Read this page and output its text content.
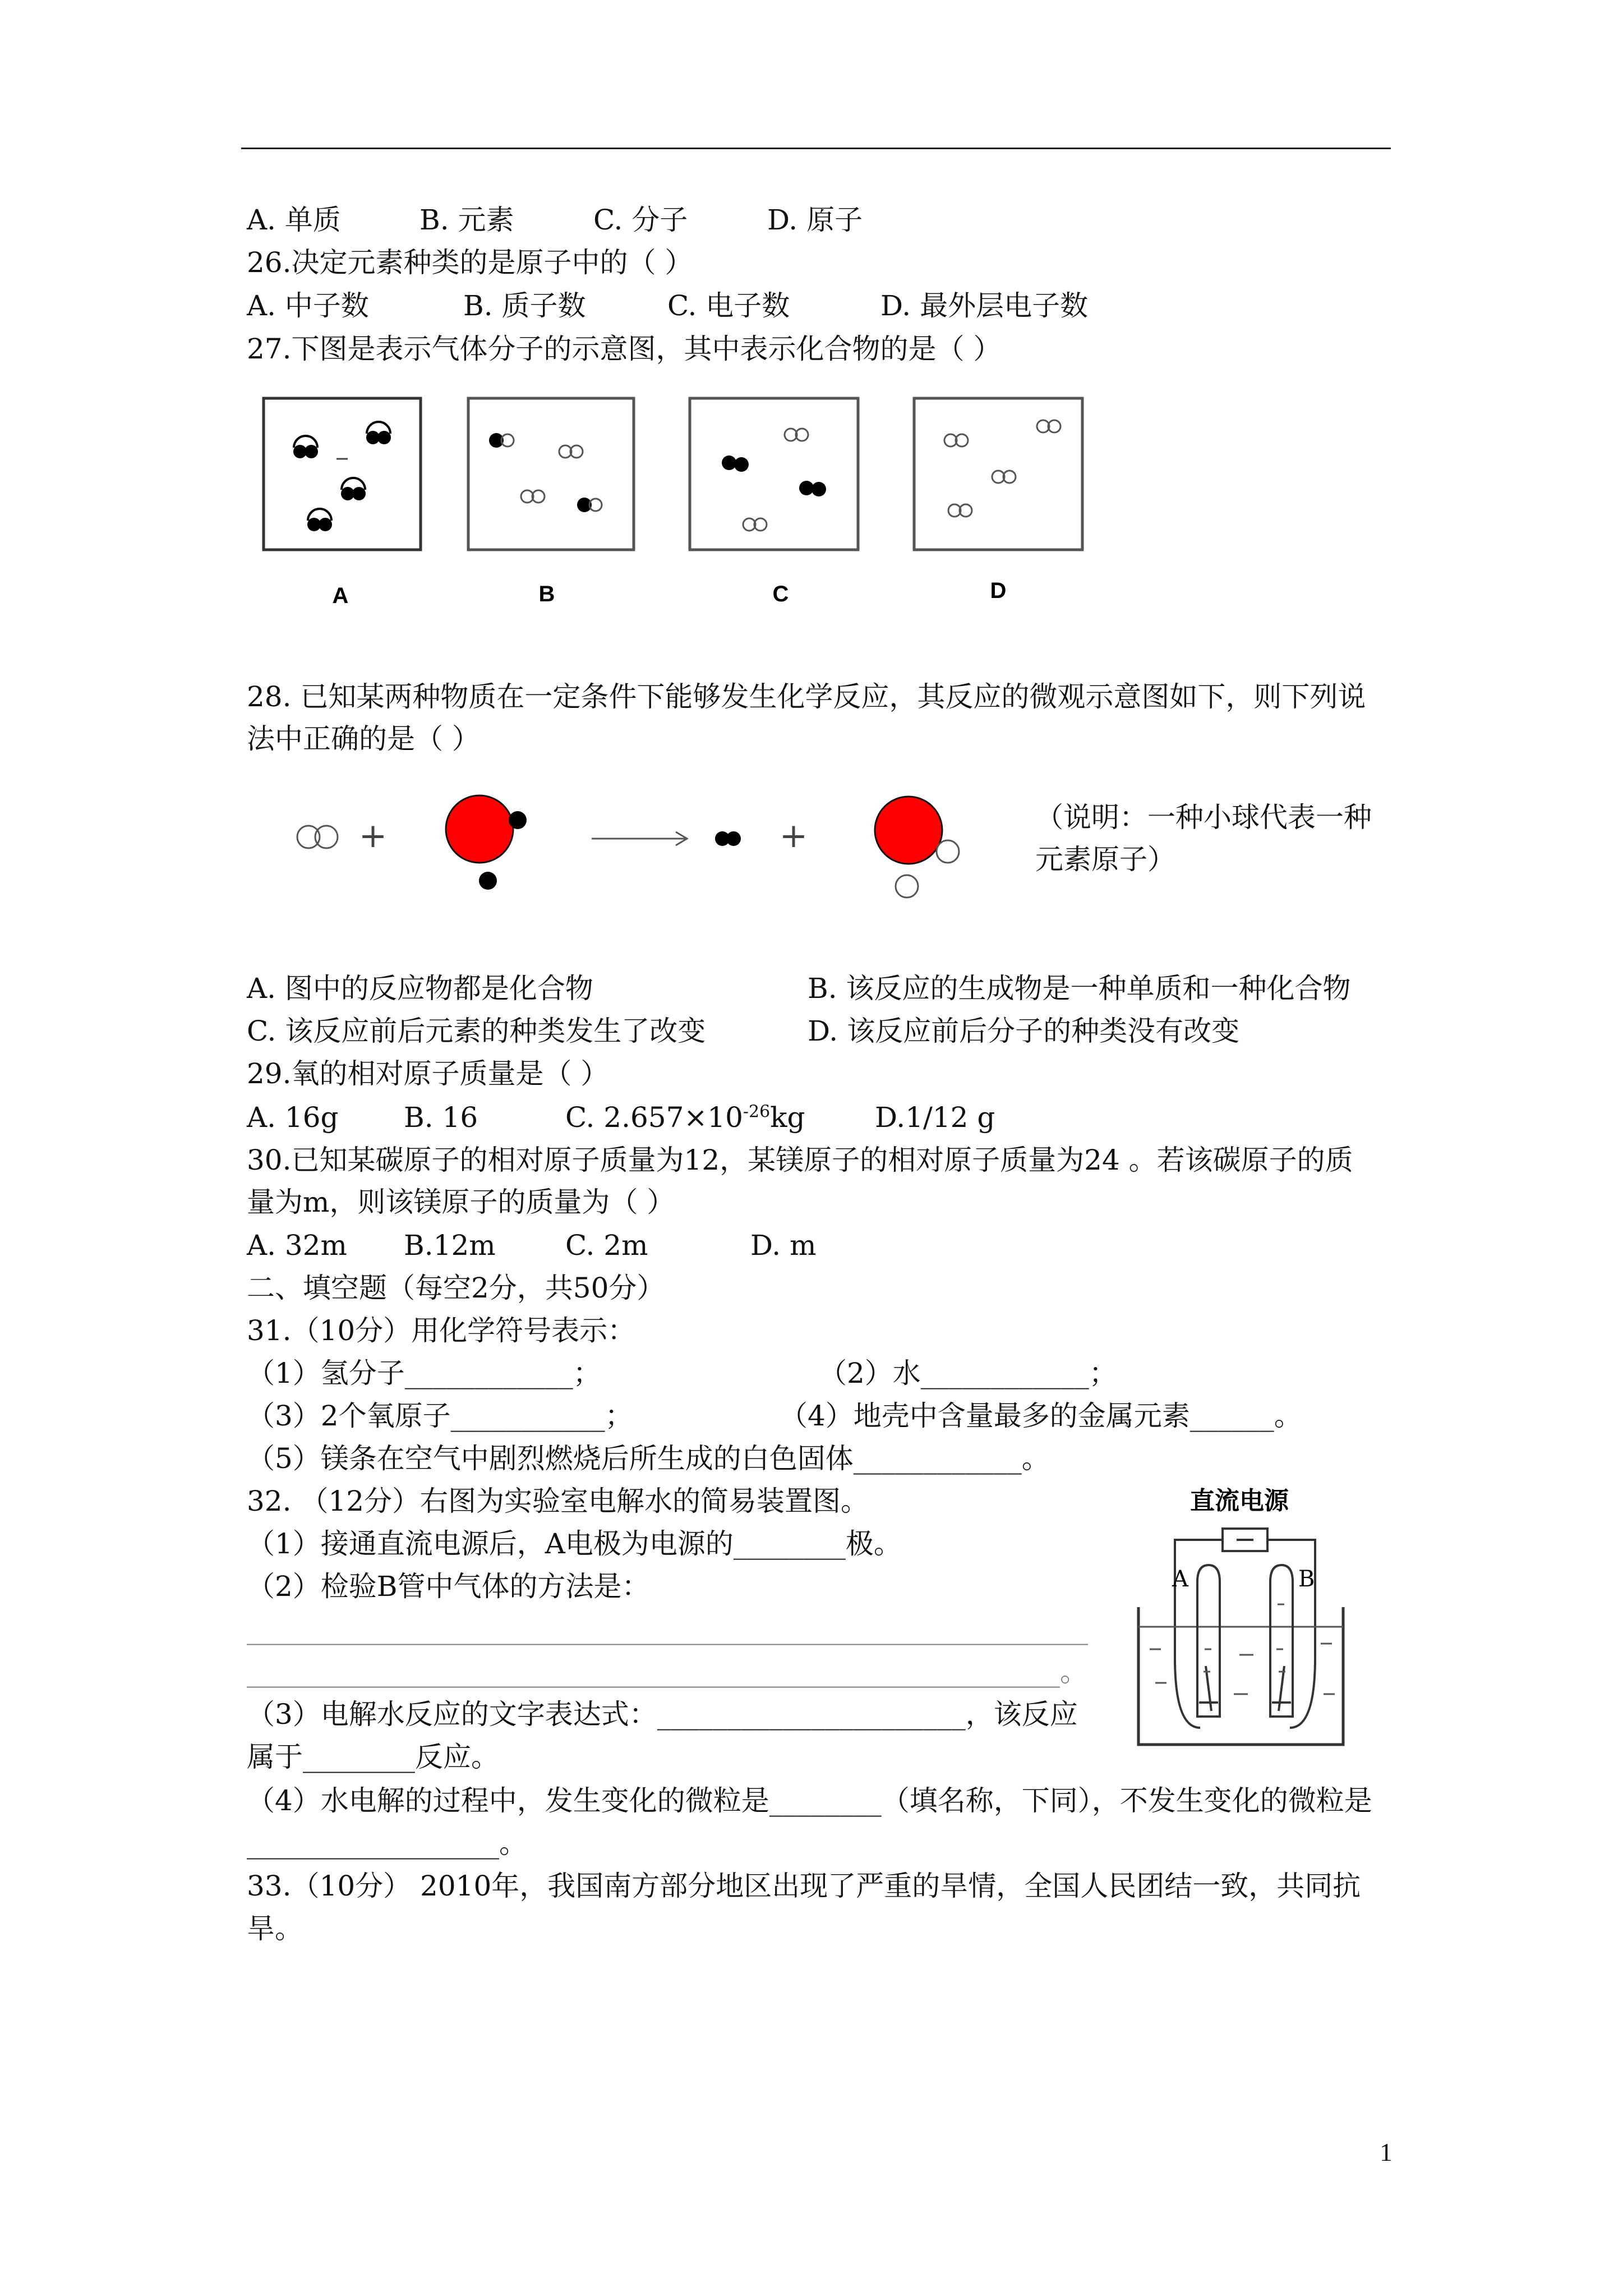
A. 单质	B. 元素	C. 分子	D. 原子
26.决定元素种类的是原子中的（ ）
A. 中子数	B. 质子数	C. 电子数	D. 最外层电子数
27.下图是表示气体分子的示意图，其中表示化合物的是（ ）
A	B	C	D
28. 已知某两种物质在一定条件下能够发生化学反应，其反应的微观示意图如下，则下列说
法中正确的是（ ）
+	+	（说明：一种小球代表一种
元素原子）
A. 图中的反应物都是化合物	B. 该反应的生成物是一种单质和一种化合物
C. 该反应前后元素的种类发生了改变	D. 该反应前后分子的种类没有改变
29.氧的相对原子质量是（ ）
A. 16g B. 16	C. $2.657\times 10^{-26}kg$ D.1/12 g
30.已知某碳原子的相对原子质量为12，某镁原子的相对原子质量为24 。若该碳原子的质
量为m，则该镁原子的质量为（ ）
A. 32m B.12m C. 2m	D. m
二、填空题（每空2分，共50分）
31.（10分）用化学符号表示：
（1）氢分子____________；	（2）水____________；
（3）2个氧原子___________；	（4）地壳中含量最多的金属元素______。
（5）镁条在空气中剧烈燃烧后所生成的白色固体____________。
32. （12分）右图为实验室电解水的简易装置图。
（1）接通直流电源后，A电极为电源的________极。
（2）检验B管中气体的方法是：
____________________________________________________________
__________________________________________________________。
（3）电解水反应的文字表达式：______________________，该反应
属于________反应。
（4）水电解的过程中，发生变化的微粒是________（填名称，下同），不发生变化的微粒是
__________________。
直流电源
A	B
33.（10分） 2010年，我国南方部分地区出现了严重的旱情，全国人民团结一致，共同抗
旱。
1
